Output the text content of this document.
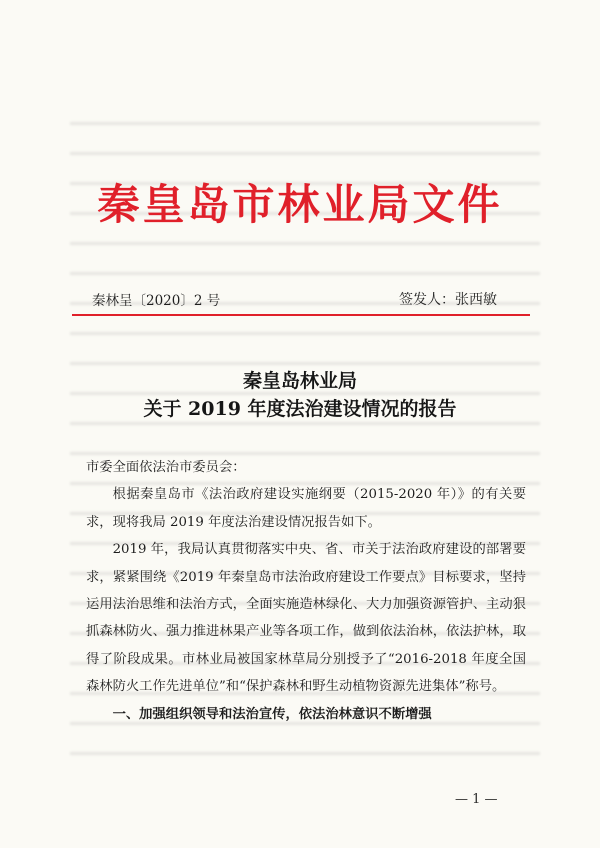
秦皇岛市林业局文件
秦林呈〔2020〕2 号	签发人：张西敏
秦皇岛林业局
关于 2019 年度法治建设情况的报告

市委全面依法治市委员会：

根据秦皇岛市《法治政府建设实施纲要（2015-2020 年）》的有关要求，现将我局 2019 年度法治建设情况报告如下。

2019 年，我局认真贯彻落实中央、省、市关于法治政府建设的部署要求，紧紧围绕《2019 年秦皇岛市法治政府建设工作要点》目标要求，坚持运用法治思维和法治方式，全面实施造林绿化、大力加强资源管护、主动狠抓森林防火、强力推进林果产业等各项工作，做到依法治林，依法护林，取得了阶段成果。市林业局被国家林草局分别授予了“2016-2018 年度全国森林防火工作先进单位”和“保护森林和野生动植物资源先进集体”称号。

一、加强组织领导和法治宣传，依法治林意识不断增强

— 1 —
